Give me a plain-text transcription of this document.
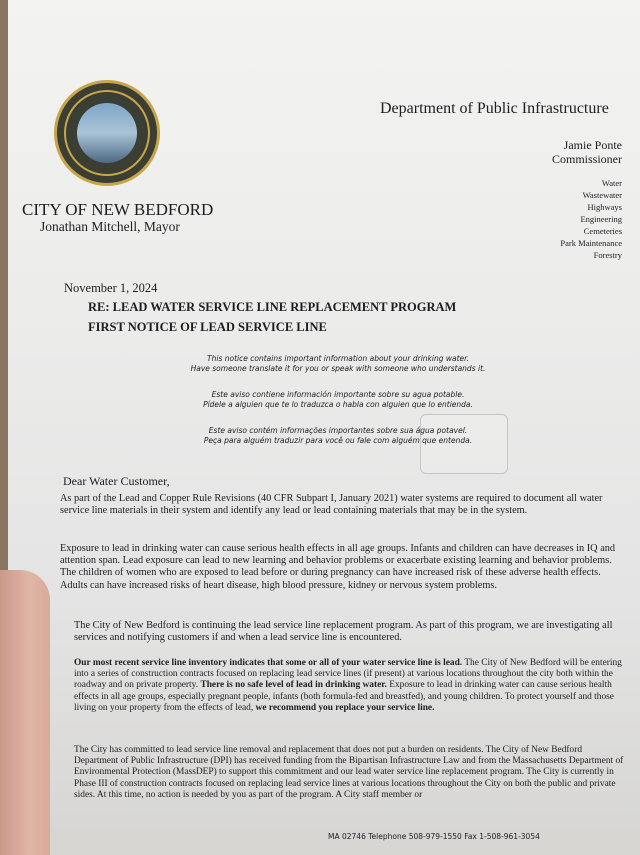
Department of Public Infrastructure
Jamie Ponte
Commissioner
Water
Wastewater
Highways
Engineering
Cemeteries
Park Maintenance
Forestry
CITY OF NEW BEDFORD
Jonathan Mitchell, Mayor
November 1, 2024
RE: LEAD WATER SERVICE LINE REPLACEMENT PROGRAM
FIRST NOTICE OF LEAD SERVICE LINE
This notice contains important information about your drinking water.
Have someone translate it for you or speak with someone who understands it.
Este aviso contiene información importante sobre su agua potable.
Pídele a alguien que te lo traduzca o habla con alguien que lo entienda.
Este aviso contém informações importantes sobre sua água potavel.
Peça para alguém traduzir para você ou fale com alguém que entenda.
Dear Water Customer,
As part of the Lead and Copper Rule Revisions (40 CFR Subpart I, January 2021) water systems are required to document all water service line materials in their system and identify any lead or lead containing materials that may be in the system.
Exposure to lead in drinking water can cause serious health effects in all age groups. Infants and children can have decreases in IQ and attention span. Lead exposure can lead to new learning and behavior problems or exacerbate existing learning and behavior problems. The children of women who are exposed to lead before or during pregnancy can have increased risk of these adverse health effects. Adults can have increased risks of heart disease, high blood pressure, kidney or nervous system problems.
The City of New Bedford is continuing the lead service line replacement program. As part of this program, we are investigating all services and notifying customers if and when a lead service line is encountered.
Our most recent service line inventory indicates that some or all of your water service line is lead. The City of New Bedford will be entering into a series of construction contracts focused on replacing lead service lines (if present) at various locations throughout the city both within the roadway and on private property. There is no safe level of lead in drinking water. Exposure to lead in drinking water can cause serious health effects in all age groups, especially pregnant people, infants (both formula-fed and breastfed), and young children. To protect yourself and those living on your property from the effects of lead, we recommend you replace your service line.
The City has committed to lead service line removal and replacement that does not put a burden on residents. The City of New Bedford Department of Public Infrastructure (DPI) has received funding from the Bipartisan Infrastructure Law and from the Massachusetts Department of Environmental Protection (MassDEP) to support this commitment and our lead water service line replacement program. The City is currently in Phase III of construction contracts focused on replacing lead service lines at various locations throughout the City on both the public and private sides. At this time, no action is needed by you as part of the program. A City staff member or
MA 02746 Telephone 508-979-1550 Fax 1-508-961-3054
